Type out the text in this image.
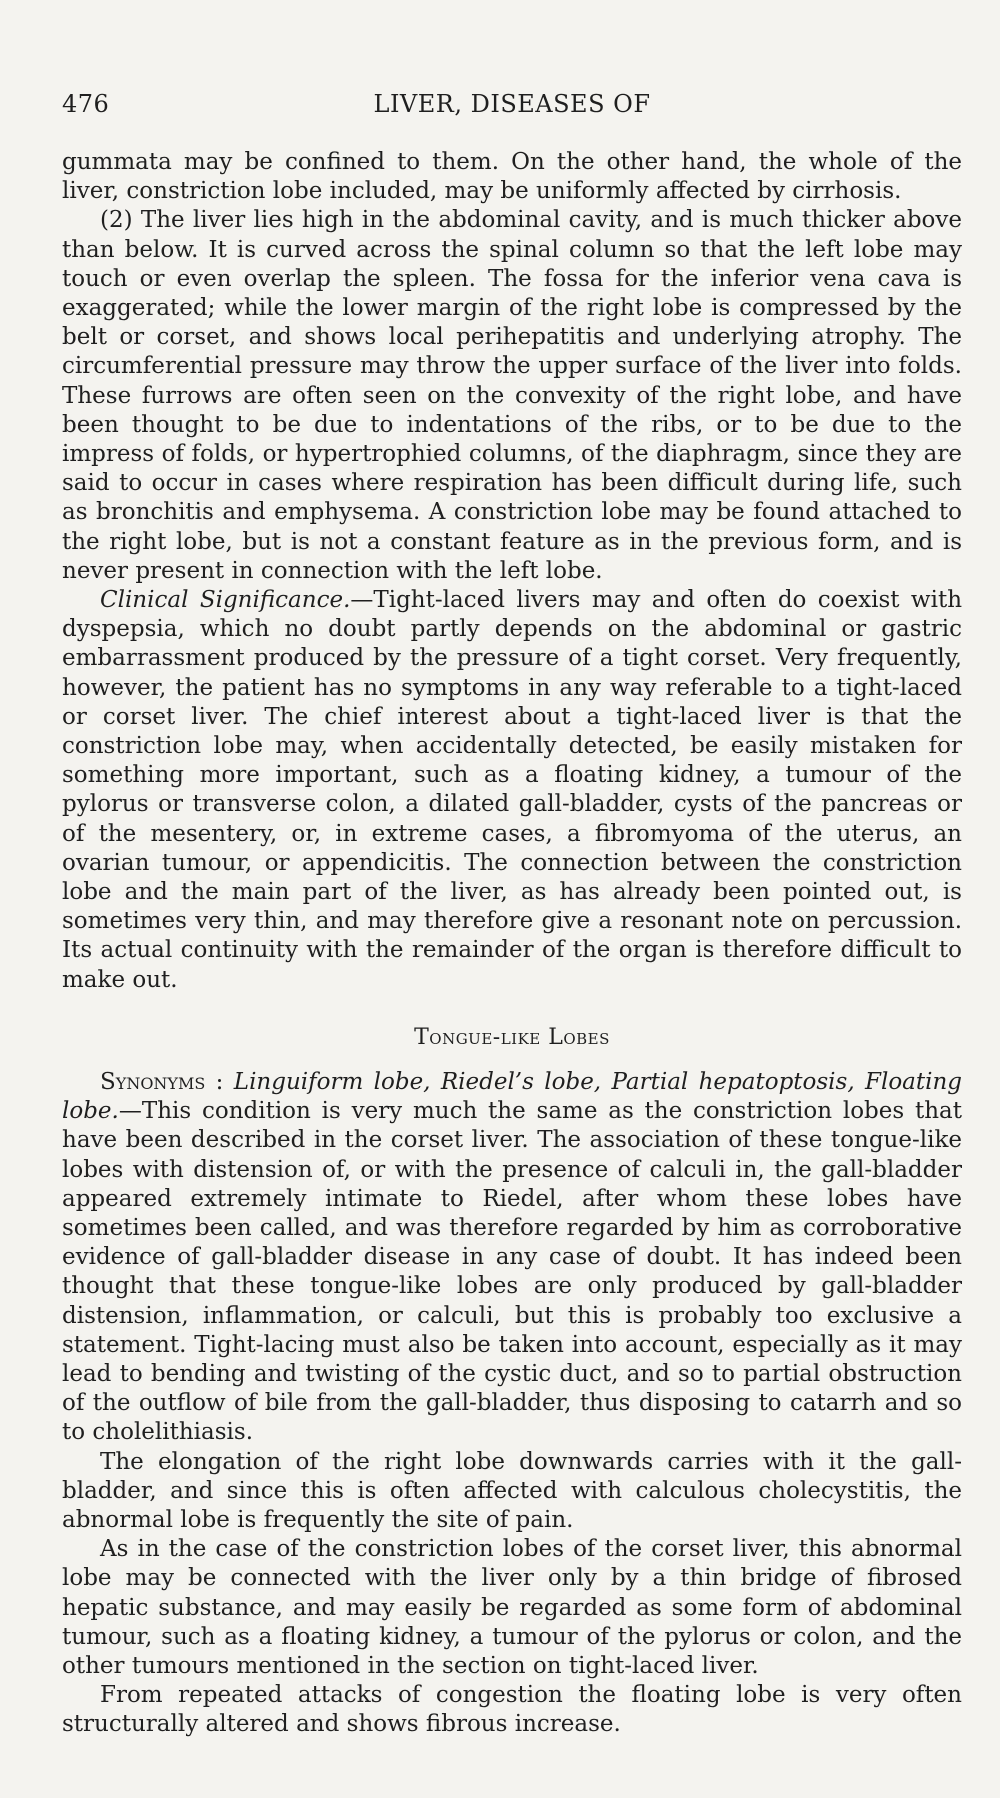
476	LIVER, DISEASES OF

gummata may be confined to them. On the other hand, the whole of the liver, constriction lobe included, may be uniformly affected by cirrhosis.

(2) The liver lies high in the abdominal cavity, and is much thicker above than below. It is curved across the spinal column so that the left lobe may touch or even overlap the spleen. The fossa for the inferior vena cava is exaggerated; while the lower margin of the right lobe is compressed by the belt or corset, and shows local perihepatitis and underlying atrophy. The circumferential pressure may throw the upper surface of the liver into folds. These furrows are often seen on the convexity of the right lobe, and have been thought to be due to indentations of the ribs, or to be due to the impress of folds, or hypertrophied columns, of the diaphragm, since they are said to occur in cases where respiration has been difficult during life, such as bronchitis and emphysema. A constriction lobe may be found attached to the right lobe, but is not a constant feature as in the previous form, and is never present in connection with the left lobe.

Clinical Significance.—Tight-laced livers may and often do coexist with dyspepsia, which no doubt partly depends on the abdominal or gastric embarrassment produced by the pressure of a tight corset. Very frequently, however, the patient has no symptoms in any way referable to a tight-laced or corset liver. The chief interest about a tight-laced liver is that the constriction lobe may, when accidentally detected, be easily mistaken for something more important, such as a floating kidney, a tumour of the pylorus or transverse colon, a dilated gall-bladder, cysts of the pancreas or of the mesentery, or, in extreme cases, a fibromyoma of the uterus, an ovarian tumour, or appendicitis. The connection between the constriction lobe and the main part of the liver, as has already been pointed out, is sometimes very thin, and may therefore give a resonant note on percussion. Its actual continuity with the remainder of the organ is therefore difficult to make out.

Tongue-like Lobes

Synonyms : Linguiform lobe, Riedel’s lobe, Partial hepatoptosis, Floating lobe.—This condition is very much the same as the constriction lobes that have been described in the corset liver. The association of these tongue-like lobes with distension of, or with the presence of calculi in, the gall-bladder appeared extremely intimate to Riedel, after whom these lobes have sometimes been called, and was therefore regarded by him as corroborative evidence of gall-bladder disease in any case of doubt. It has indeed been thought that these tongue-like lobes are only produced by gall-bladder distension, inflammation, or calculi, but this is probably too exclusive a statement. Tight-lacing must also be taken into account, especially as it may lead to bending and twisting of the cystic duct, and so to partial obstruction of the outflow of bile from the gall-bladder, thus disposing to catarrh and so to cholelithiasis.

The elongation of the right lobe downwards carries with it the gall-bladder, and since this is often affected with calculous cholecystitis, the abnormal lobe is frequently the site of pain.

As in the case of the constriction lobes of the corset liver, this abnormal lobe may be connected with the liver only by a thin bridge of fibrosed hepatic substance, and may easily be regarded as some form of abdominal tumour, such as a floating kidney, a tumour of the pylorus or colon, and the other tumours mentioned in the section on tight-laced liver.

From repeated attacks of congestion the floating lobe is very often structurally altered and shows fibrous increase.
